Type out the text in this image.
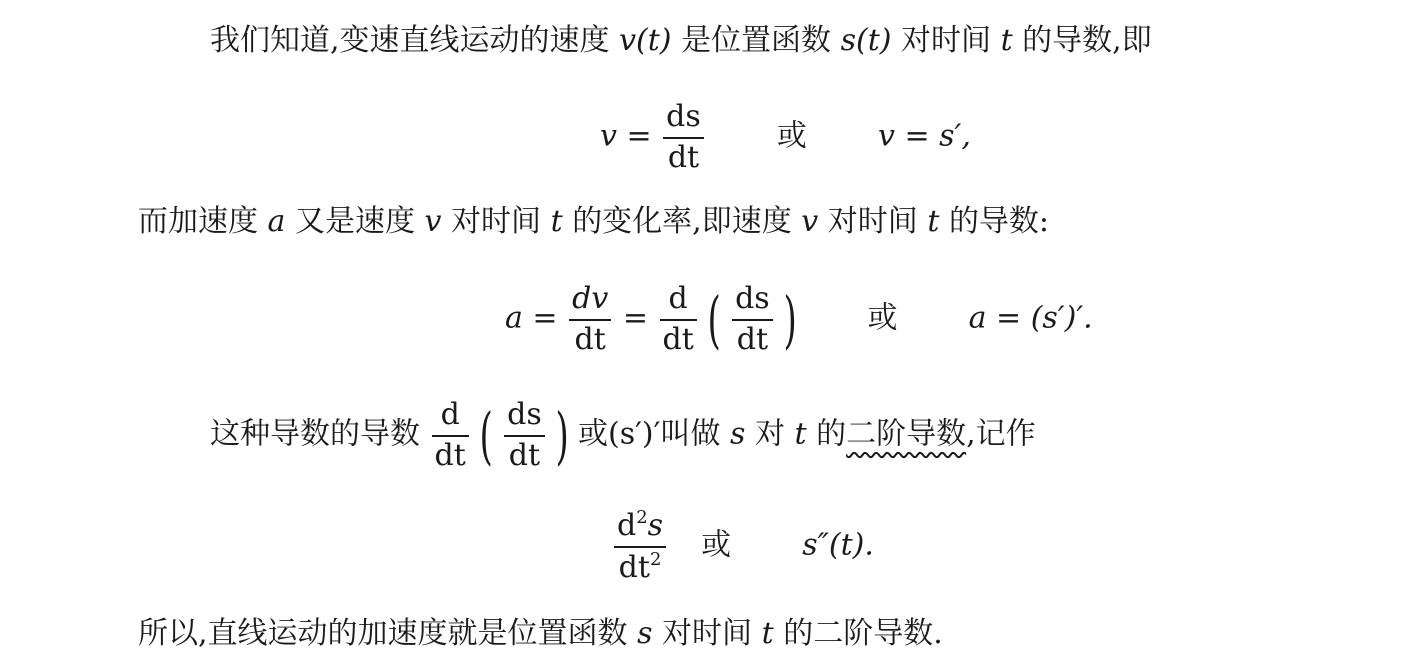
我们知道,变速直线运动的速度 v(t) 是位置函数 s(t) 对时间 t 的导数,即
$v = \frac{ds}{dt}$ 或 v = s′,
而加速度 a 又是速度 v 对时间 t 的变化率,即速度 v 对时间 t 的导数:
$a = \frac{dv}{dt} = \frac{d}{dt}$ ( $\frac{ds}{dt}$ ) 或 a = (s′)′.
这种导数的导数 $\frac{d}{dt}$ ( $\frac{ds}{dt}$ ) 或(s′)′叫做 s 对 t 的二阶导数,记作
$\frac{d^2s}{dt^2}$ 或 s″(t).
所以,直线运动的加速度就是位置函数 s 对时间 t 的二阶导数.
